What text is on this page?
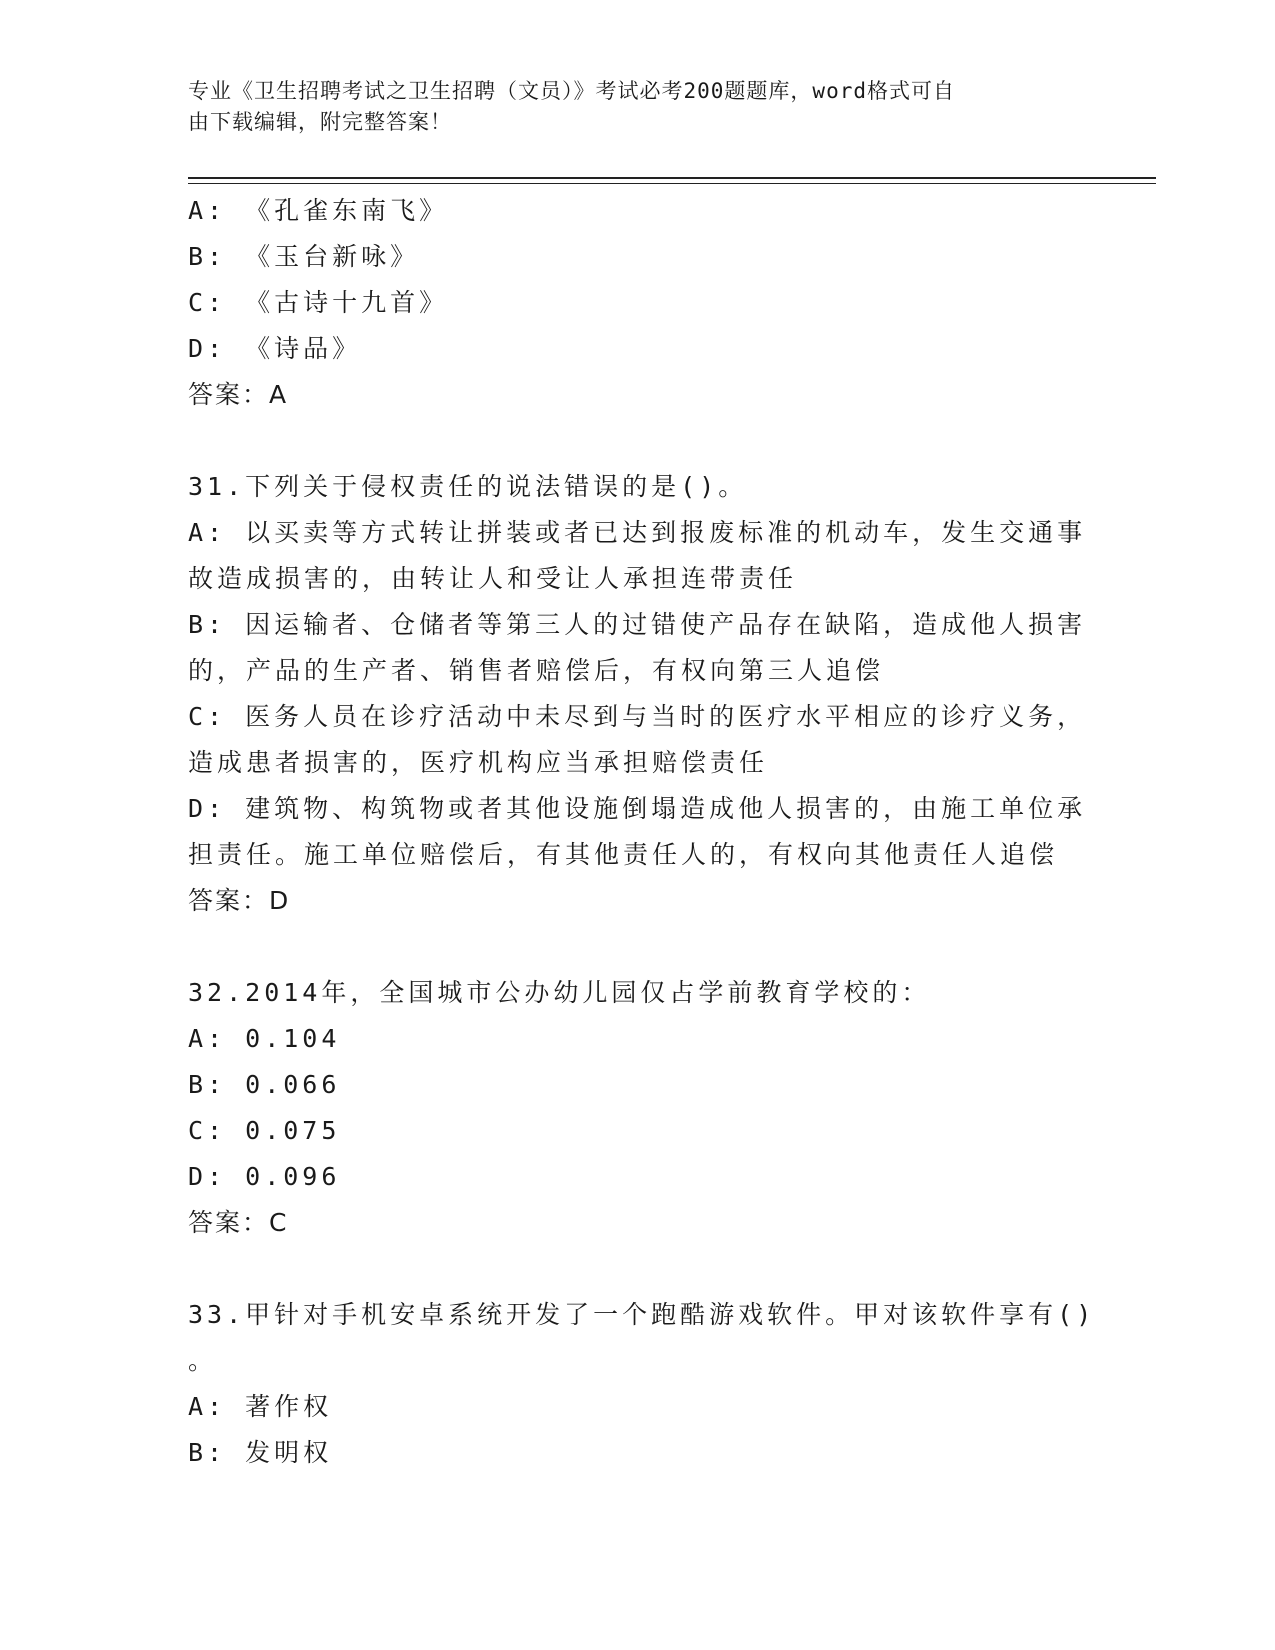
专业《卫生招聘考试之卫生招聘（文员）》考试必考200题题库，word格式可自
由下载编辑，附完整答案！
A: 《孔雀东南飞》
B: 《玉台新咏》
C: 《古诗十九首》
D: 《诗品》
答案：A
31.下列关于侵权责任的说法错误的是()。
A: 以买卖等方式转让拼装或者已达到报废标准的机动车，发生交通事
故造成损害的，由转让人和受让人承担连带责任
B: 因运输者、仓储者等第三人的过错使产品存在缺陷，造成他人损害
的，产品的生产者、销售者赔偿后，有权向第三人追偿
C: 医务人员在诊疗活动中未尽到与当时的医疗水平相应的诊疗义务，
造成患者损害的，医疗机构应当承担赔偿责任
D: 建筑物、构筑物或者其他设施倒塌造成他人损害的，由施工单位承
担责任。施工单位赔偿后，有其他责任人的，有权向其他责任人追偿
答案：D
32.2014年，全国城市公办幼儿园仅占学前教育学校的：
A: 0.104
B: 0.066
C: 0.075
D: 0.096
答案：C
33.甲针对手机安卓系统开发了一个跑酷游戏软件。甲对该软件享有()
。
A: 著作权
B: 发明权
